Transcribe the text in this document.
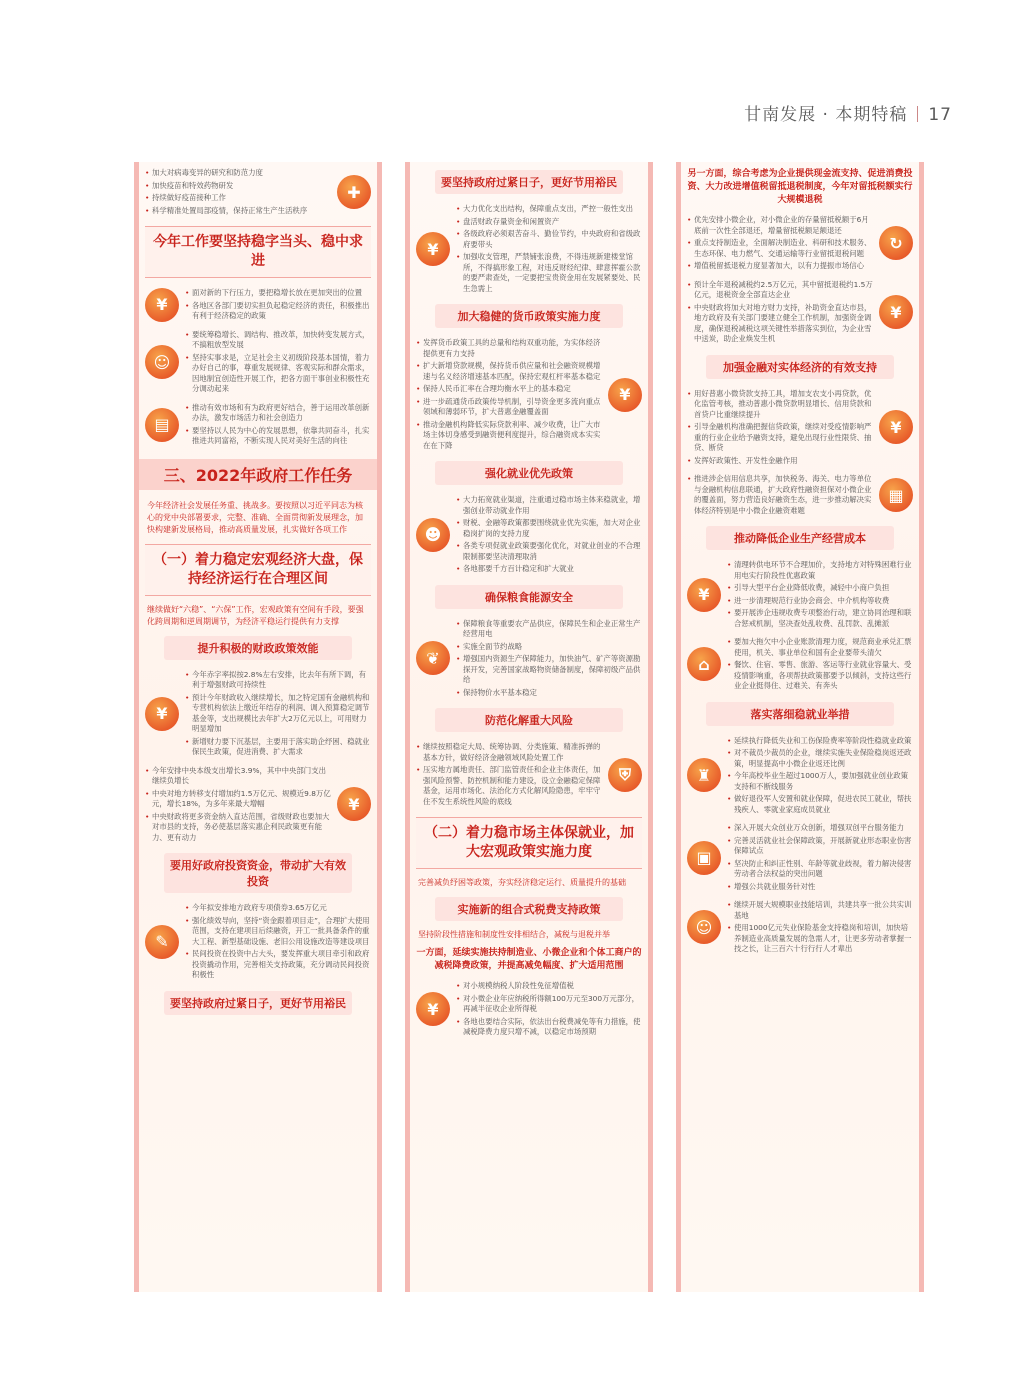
甘南发展 · 本期特稿 17
• 加大对病毒变异的研究和防范力度
• 加快疫苗和特效药物研发
• 持续做好疫苗接种工作
• 科学精准处置局部疫情，保持正常生产生活秩序
✚
今年工作要坚持稳字当头、稳中求进
¥
• 面对新的下行压力，要把稳增长放在更加突出的位置
• 各地区各部门要切实担负起稳定经济的责任，积极推出有利于经济稳定的政策
☺
• 要统筹稳增长、调结构、推改革，加快转变发展方式，不搞粗放型发展
• 坚持实事求是，立足社会主义初级阶段基本国情，着力办好自己的事，尊重发展规律、客观实际和群众需求，因地制宜创造性开展工作，把各方面干事创业积极性充分调动起来
▤
• 推动有效市场和有为政府更好结合，善于运用改革创新办法，激发市场活力和社会创造力
• 要坚持以人民为中心的发展思想，依靠共同奋斗，扎实推进共同富裕，不断实现人民对美好生活的向往
三、2022年政府工作任务
今年经济社会发展任务重、挑战多。要按照以习近平同志为核心的党中央部署要求，完整、准确、全面贯彻新发展理念，加快构建新发展格局，推动高质量发展，扎实做好各项工作
（一）着力稳定宏观经济大盘，保持经济运行在合理区间
继续做好“六稳”、“六保”工作，宏观政策有空间有手段，要强化跨周期和逆周期调节，为经济平稳运行提供有力支撑
提升积极的财政政策效能
¥
• 今年赤字率拟按2.8%左右安排，比去年有所下调，有利于增强财政可持续性
• 预计今年财政收入继续增长，加之特定国有金融机构和专营机构依法上缴近年结存的利润、调入预算稳定调节基金等，支出规模比去年扩大2万亿元以上，可用财力明显增加
• 新增财力要下沉基层，主要用于落实助企纾困、稳就业保民生政策，促进消费、扩大需求
• 今年安排中央本级支出增长3.9%，其中中央部门支出继续负增长
• 中央对地方转移支付增加约1.5万亿元、规模近9.8万亿元，增长18%，为多年来最大增幅
• 中央财政将更多资金纳入直达范围，省级财政也要加大对市县的支持，务必使基层落实惠企利民政策更有能力、更有动力
¥
要用好政府投资资金，带动扩大有效投资
✎
• 今年拟安排地方政府专项债券3.65万亿元
• 强化绩效导向，坚持“资金跟着项目走”，合理扩大使用范围，支持在建项目后续融资，开工一批具备条件的重大工程、新型基础设施、老旧公用设施改造等建设项目
• 民间投资在投资中占大头，要发挥重大项目牵引和政府投资撬动作用，完善相关支持政策，充分调动民间投资积极性
要坚持政府过紧日子，更好节用裕民
要坚持政府过紧日子，更好节用裕民
¥
• 大力优化支出结构，保障重点支出，严控一般性支出
• 盘活财政存量资金和闲置资产
• 各级政府必须艰苦奋斗、勤俭节约，中央政府和省级政府要带头
• 加强收支管理，严禁铺张浪费，不得违规新建楼堂馆所，不得搞形象工程，对违反财经纪律、肆意挥霍公款的要严肃查处，一定要把宝贵资金用在发展紧要处、民生急需上
加大稳健的货币政策实施力度
• 发挥货币政策工具的总量和结构双重功能，为实体经济提供更有力支持
• 扩大新增贷款规模，保持货币供应量和社会融资规模增速与名义经济增速基本匹配，保持宏观杠杆率基本稳定
• 保持人民币汇率在合理均衡水平上的基本稳定
• 进一步疏通货币政策传导机制，引导资金更多流向重点领域和薄弱环节，扩大普惠金融覆盖面
• 推动金融机构降低实际贷款利率、减少收费，让广大市场主体切身感受到融资便利度提升，综合融资成本实实在在下降
¥
强化就业优先政策
☻
• 大力拓宽就业渠道，注重通过稳市场主体来稳就业，增强创业带动就业作用
• 财税、金融等政策都要围绕就业优先实施，加大对企业稳岗扩岗的支持力度
• 各类专项促就业政策要强化优化，对就业创业的不合理限制都要坚决清理取消
• 各地都要千方百计稳定和扩大就业
确保粮食能源安全
❦
• 保障粮食等重要农产品供应，保障民生和企业正常生产经营用电
• 实施全面节约战略
• 增强国内资源生产保障能力，加快油气、矿产等资源勘探开发，完善国家战略物资储备制度，保障初级产品供给
• 保持物价水平基本稳定
防范化解重大风险
• 继续按照稳定大局、统筹协调、分类施策、精准拆弹的基本方针，做好经济金融领域风险处置工作
• 压实地方属地责任、部门监管责任和企业主体责任，加强风险预警、防控机制和能力建设，设立金融稳定保障基金，运用市场化、法治化方式化解风险隐患，牢牢守住不发生系统性风险的底线
⛨
（二）着力稳市场主体保就业，加大宏观政策实施力度
完善减负纾困等政策，夯实经济稳定运行、质量提升的基础
实施新的组合式税费支持政策
坚持阶段性措施和制度性安排相结合，减税与退税并举
一方面，延续实施扶持制造业、小微企业和个体工商户的减税降费政策，并提高减免幅度、扩大适用范围
¥
• 对小规模纳税人阶段性免征增值税
• 对小微企业年应纳税所得额100万元至300万元部分，再减半征收企业所得税
• 各地也要结合实际，依法出台税费减免等有力措施，使减税降费力度只增不减，以稳定市场预期
另一方面，综合考虑为企业提供现金流支持、促进消费投资、大力改进增值税留抵退税制度，今年对留抵税额实行大规模退税
• 优先安排小微企业，对小微企业的存量留抵税额于6月底前一次性全部退还，增量留抵税额足额退还
• 重点支持制造业，全面解决制造业、科研和技术服务、生态环保、电力燃气、交通运输等行业留抵退税问题
• 增值税留抵退税力度显著加大，以有力提振市场信心
↻
• 预计全年退税减税约2.5万亿元，其中留抵退税约1.5万亿元，退税资金全部直达企业
• 中央财政将加大对地方财力支持，补助资金直达市县，地方政府及有关部门要建立健全工作机制，加强资金调度，确保退税减税这项关键性举措落实到位，为企业雪中送炭，助企业焕发生机
¥
加强金融对实体经济的有效支持
• 用好普惠小微贷款支持工具，增加支农支小再贷款，优化监管考核，推动普惠小微贷款明显增长、信用贷款和首贷户比重继续提升
• 引导金融机构准确把握信贷政策，继续对受疫情影响严重的行业企业给予融资支持，避免出现行业性限贷、抽贷、断贷
• 发挥好政策性、开发性金融作用
¥
• 推进涉企信用信息共享，加快税务、海关、电力等单位与金融机构信息联通，扩大政府性融资担保对小微企业的覆盖面，努力营造良好融资生态，进一步推动解决实体经济特别是中小微企业融资难题
▦
推动降低企业生产经营成本
¥
• 清理转供电环节不合理加价，支持地方对特殊困难行业用电实行阶段性优惠政策
• 引导大型平台企业降低收费，减轻中小商户负担
• 进一步清理规范行业协会商会、中介机构等收费
• 要开展涉企违规收费专项整治行动，建立协同治理和联合惩戒机制，坚决查处乱收费、乱罚款、乱摊派
⌂
• 要加大拖欠中小企业账款清理力度，规范商业承兑汇票使用，机关、事业单位和国有企业要带头清欠
• 餐饮、住宿、零售、旅游、客运等行业就业容量大、受疫情影响重，各项帮扶政策都要予以倾斜，支持这些行业企业挺得住、过难关、有奔头
落实落细稳就业举措
♜
• 延续执行降低失业和工伤保险费率等阶段性稳就业政策
• 对不裁员少裁员的企业，继续实施失业保险稳岗返还政策，明显提高中小微企业返还比例
• 今年高校毕业生超过1000万人，要加强就业创业政策支持和不断线服务
• 做好退役军人安置和就业保障，促进农民工就业，帮扶残疾人、零就业家庭成员就业
▣
• 深入开展大众创业万众创新，增强双创平台服务能力
• 完善灵活就业社会保障政策，开展新就业形态职业伤害保障试点
• 坚决防止和纠正性别、年龄等就业歧视，着力解决侵害劳动者合法权益的突出问题
• 增强公共就业服务针对性
☺
• 继续开展大规模职业技能培训，共建共享一批公共实训基地
• 使用1000亿元失业保险基金支持稳岗和培训，加快培养制造业高质量发展的急需人才，让更多劳动者掌握一技之长，让三百六十行行行人才辈出
